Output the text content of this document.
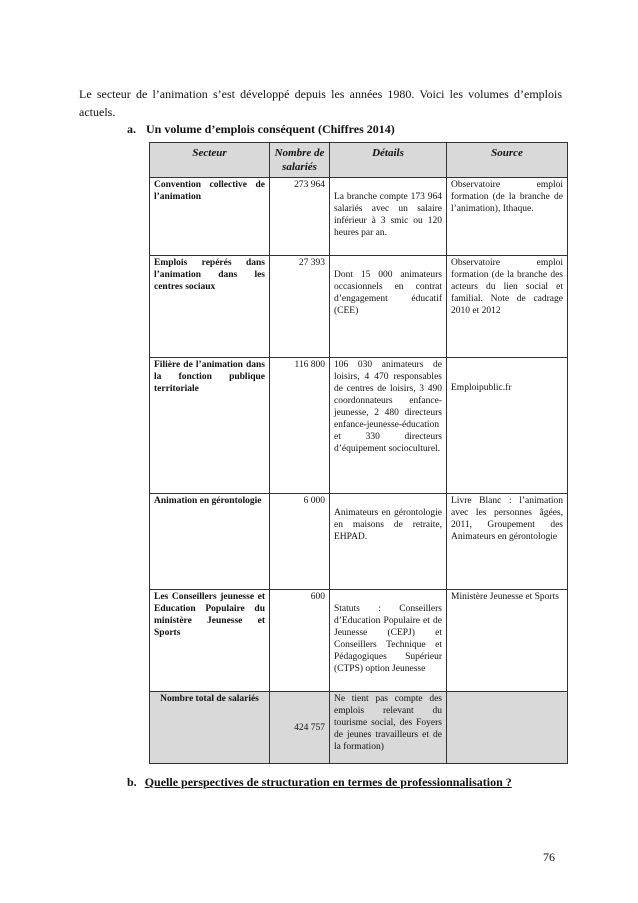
Le secteur de l’animation s’est développé depuis les années 1980. Voici les volumes d’emplois actuels.

a. Un volume d’emplois conséquent (Chiffres 2014)
Secteur	Nombre de salariés	Détails	Source
Convention collective de l’animation	273 964	La branche compte 173 964 salariés avec un salaire inférieur à 3 smic ou 120 heures par an.	Observatoire emploi formation (de la branche de l’animation), Ithaque.
Emplois repérés dans l’animation dans les centres sociaux	27 393	Dont 15 000 animateurs occasionnels en contrat d’engagement éducatif (CEE)	Observatoire emploi formation (de la branche des acteurs du lien social et familial. Note de cadrage 2010 et 2012
Filière de l’animation dans la fonction publique territoriale	116 800	106 030 animateurs de loisirs, 4 470 responsables de centres de loisirs, 3 490 coordonnateurs enfance-jeunesse, 2 480 directeurs enfance-jeunesse-éducation et 330 directeurs d’équipement socioculturel.	Emploipublic.fr
Animation en gérontologie	6 000	Animateurs en gérontologie en maisons de retraite, EHPAD.	Livre Blanc : l’animation avec les personnes âgées, 2011, Groupement des Animateurs en gérontologie
Les Conseillers jeunesse et Education Populaire du ministère Jeunesse et Sports	600	Statuts : Conseillers d’Education Populaire et de Jeunesse (CEPJ) et Conseillers Technique et Pédagogiques Supérieur (CTPS) option Jeunesse	Ministère Jeunesse et Sports
Nombre total de salariés	424 757	Ne tient pas compte des emplois relevant du tourisme social, des Foyers de jeunes travailleurs et de la formation)	
b. Quelle perspectives de structuration en termes de professionnalisation ?
76
